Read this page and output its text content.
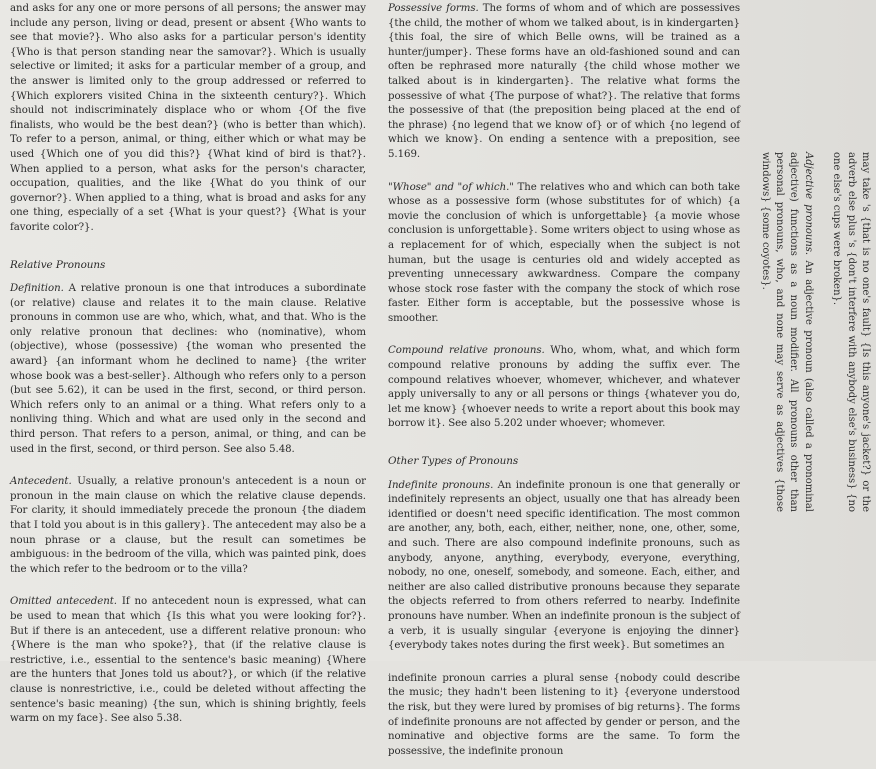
and asks for any one or more persons of all persons; the answer may include any person, living or dead, present or absent {Who wants to see that movie?}. Who also asks for a particular person's identity {Who is that person standing near the samovar?}. Which is usually selective or limited; it asks for a particular member of a group, and the answer is limited only to the group addressed or referred to {Which explorers visited China in the sixteenth century?}. Which should not indiscriminately displace who or whom {Of the five finalists, who would be the best dean?} (who is better than which). To refer to a person, animal, or thing, either which or what may be used {Which one of you did this?} {What kind of bird is that?}. When applied to a person, what asks for the person's character, occupation, qualities, and the like {What do you think of our governor?}. When applied to a thing, what is broad and asks for any one thing, especially of a set {What is your quest?} {What is your favorite color?}.

Relative Pronouns

Definition. A relative pronoun is one that introduces a subordinate (or relative) clause and relates it to the main clause. Relative pronouns in common use are who, which, what, and that. Who is the only relative pronoun that declines: who (nominative), whom (objective), whose (possessive) {the woman who presented the award} {an informant whom he declined to name} {the writer whose book was a best-seller}. Although who refers only to a person (but see 5.62), it can be used in the first, second, or third person. Which refers only to an animal or a thing. What refers only to a nonliving thing. Which and what are used only in the second and third person. That refers to a person, animal, or thing, and can be used in the first, second, or third person. See also 5.48.

Antecedent. Usually, a relative pronoun's antecedent is a noun or pronoun in the main clause on which the relative clause depends. For clarity, it should immediately precede the pronoun {the diadem that I told you about is in this gallery}. The antecedent may also be a noun phrase or a clause, but the result can sometimes be ambiguous: in the bedroom of the villa, which was painted pink, does the which refer to the bedroom or to the villa?

Omitted antecedent. If no antecedent noun is expressed, what can be used to mean that which {Is this what you were looking for?}. But if there is an antecedent, use a different relative pronoun: who {Where is the man who spoke?}, that (if the relative clause is restrictive, i.e., essential to the sentence's basic meaning) {Where are the hunters that Jones told us about?}, or which (if the relative clause is nonrestrictive, i.e., could be deleted without affecting the sentence's basic meaning) {the sun, which is shining brightly, feels warm on my face}. See also 5.38.

Possessive forms. The forms of whom and of which are possessives {the child, the mother of whom we talked about, is in kindergarten} {this foal, the sire of which Belle owns, will be trained as a hunter/jumper}. These forms have an old-fashioned sound and can often be rephrased more naturally {the child whose mother we talked about is in kindergarten}. The relative what forms the possessive of what {The purpose of what?}. The relative that forms the possessive of that (the preposition being placed at the end of the phrase) {no legend that we know of} or of which {no legend of which we know}. On ending a sentence with a preposition, see 5.169.

"Whose" and "of which." The relatives who and which can both take whose as a possessive form (whose substitutes for of which) {a movie the conclusion of which is unforgettable} {a movie whose conclusion is unforgettable}. Some writers object to using whose as a replacement for of which, especially when the subject is not human, but the usage is centuries old and widely accepted as preventing unnecessary awkwardness. Compare the company whose stock rose faster with the company the stock of which rose faster. Either form is acceptable, but the possessive whose is smoother.

Compound relative pronouns. Who, whom, what, and which form compound relative pronouns by adding the suffix ever. The compound relatives whoever, whomever, whichever, and whatever apply universally to any or all persons or things {whatever you do, let me know} {whoever needs to write a report about this book may borrow it}. See also 5.202 under whoever; whomever.

Other Types of Pronouns

Indefinite pronouns. An indefinite pronoun is one that generally or indefinitely represents an object, usually one that has already been identified or doesn't need specific identification. The most common are another, any, both, each, either, neither, none, one, other, some, and such. There are also compound indefinite pronouns, such as anybody, anyone, anything, everybody, everyone, everything, nobody, no one, oneself, somebody, and someone. Each, either, and neither are also called distributive pronouns because they separate the objects referred to from others referred to nearby. Indefinite pronouns have number. When an indefinite pronoun is the subject of a verb, it is usually singular {everyone is enjoying the dinner} {everybody takes notes during the first week}. But sometimes an

indefinite pronoun carries a plural sense {nobody could describe the music; they hadn't been listening to it} {everyone understood the risk, but they were lured by promises of big returns}. The forms of indefinite pronouns are not affected by gender or person, and the nominative and objective forms are the same. To form the possessive, the indefinite pronoun

may take 's {that is no one's fault} {Is this anyone's jacket?} or the adverb else plus 's {don't interfere with anybody else's business} {no one else's cups were broken}.

Adjective pronouns. An adjective pronoun (also called a pronominal adjective) functions as a noun modifier. All pronouns other than personal pronouns, who, and none may serve as adjectives {those windows} {some coyotes}.
